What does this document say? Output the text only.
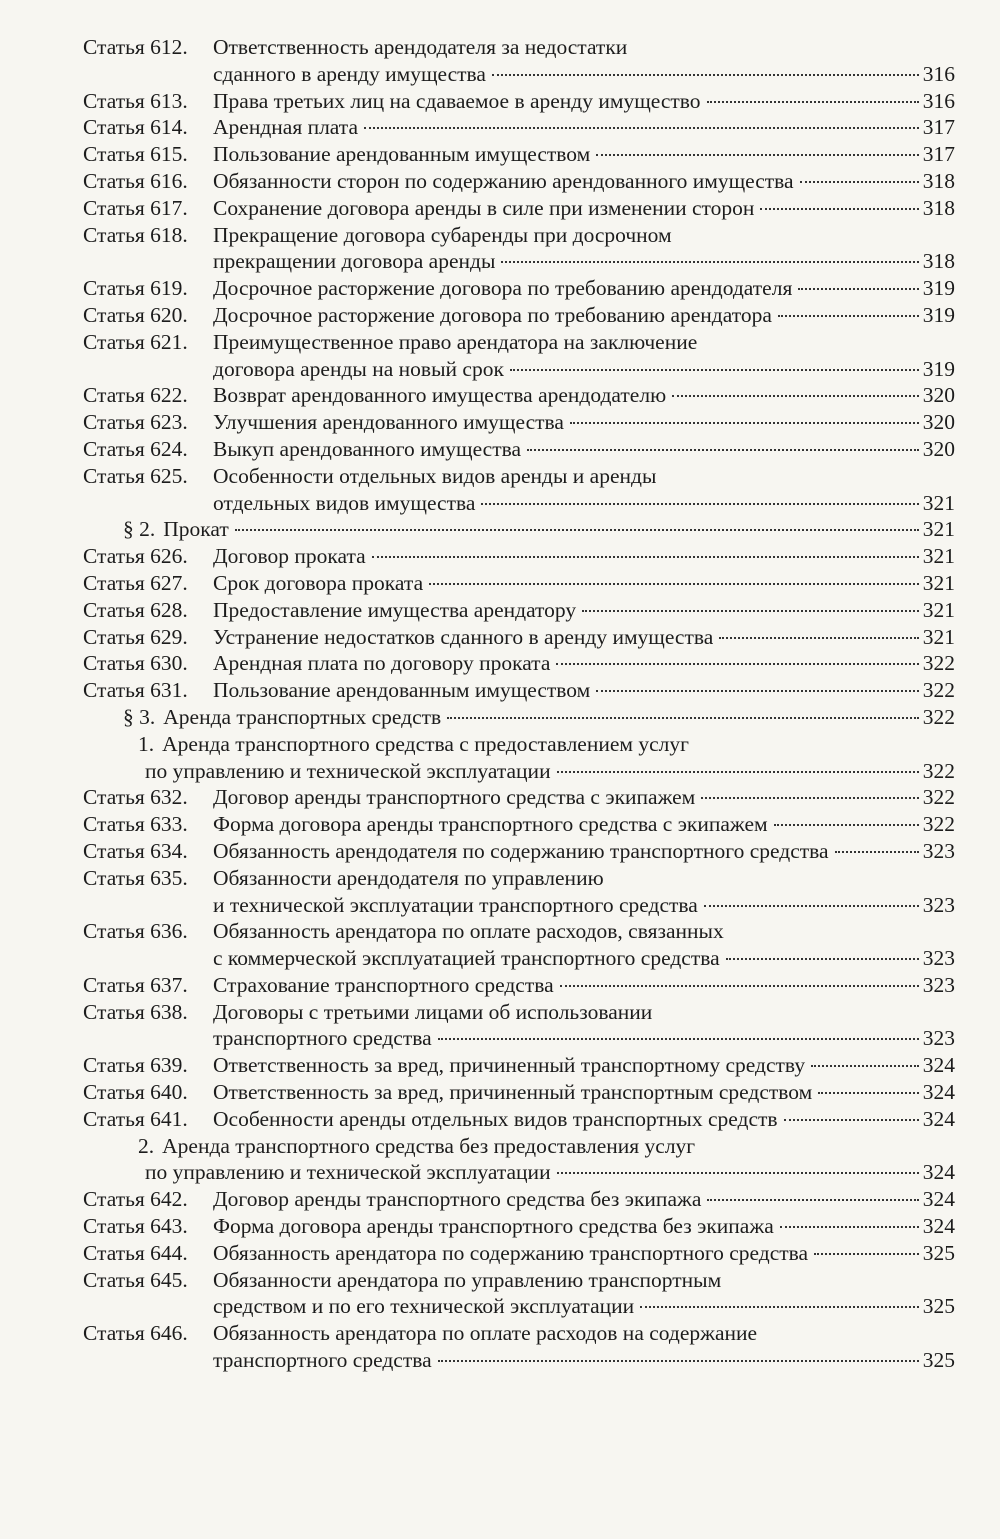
Статья 612.	Ответственность арендодателя за недостатки
сданного в аренду имущества	316
Статья 613.	Права третьих лиц на сдаваемое в аренду имущество	316
Статья 614.	Арендная плата	317
Статья 615.	Пользование арендованным имуществом	317
Статья 616.	Обязанности сторон по содержанию арендованного имущества	318
Статья 617.	Сохранение договора аренды в силе при изменении сторон	318
Статья 618.	Прекращение договора субаренды при досрочном
прекращении договора аренды	318
Статья 619.	Досрочное расторжение договора по требованию арендодателя	319
Статья 620.	Досрочное расторжение договора по требованию арендатора	319
Статья 621.	Преимущественное право арендатора на заключение
договора аренды на новый срок	319
Статья 622.	Возврат арендованного имущества арендодателю	320
Статья 623.	Улучшения арендованного имущества	320
Статья 624.	Выкуп арендованного имущества	320
Статья 625.	Особенности отдельных видов аренды и аренды
отдельных видов имущества	321
§ 2. Прокат	321
Статья 626.	Договор проката	321
Статья 627.	Срок договора проката	321
Статья 628.	Предоставление имущества арендатору	321
Статья 629.	Устранение недостатков сданного в аренду имущества	321
Статья 630.	Арендная плата по договору проката	322
Статья 631.	Пользование арендованным имуществом	322
§ 3. Аренда транспортных средств	322
1. Аренда транспортного средства с предоставлением услуг
по управлению и технической эксплуатации	322
Статья 632.	Договор аренды транспортного средства с экипажем	322
Статья 633.	Форма договора аренды транспортного средства с экипажем	322
Статья 634.	Обязанность арендодателя по содержанию транспортного средства	323
Статья 635.	Обязанности арендодателя по управлению
и технической эксплуатации транспортного средства	323
Статья 636.	Обязанность арендатора по оплате расходов, связанных
с коммерческой эксплуатацией транспортного средства	323
Статья 637.	Страхование транспортного средства	323
Статья 638.	Договоры с третьими лицами об использовании
транспортного средства	323
Статья 639.	Ответственность за вред, причиненный транспортному средству	324
Статья 640.	Ответственность за вред, причиненный транспортным средством	324
Статья 641.	Особенности аренды отдельных видов транспортных средств	324
2. Аренда транспортного средства без предоставления услуг
по управлению и технической эксплуатации	324
Статья 642.	Договор аренды транспортного средства без экипажа	324
Статья 643.	Форма договора аренды транспортного средства без экипажа	324
Статья 644.	Обязанность арендатора по содержанию транспортного средства	325
Статья 645.	Обязанности арендатора по управлению транспортным
средством и по его технической эксплуатации	325
Статья 646.	Обязанность арендатора по оплате расходов на содержание
транспортного средства	325
